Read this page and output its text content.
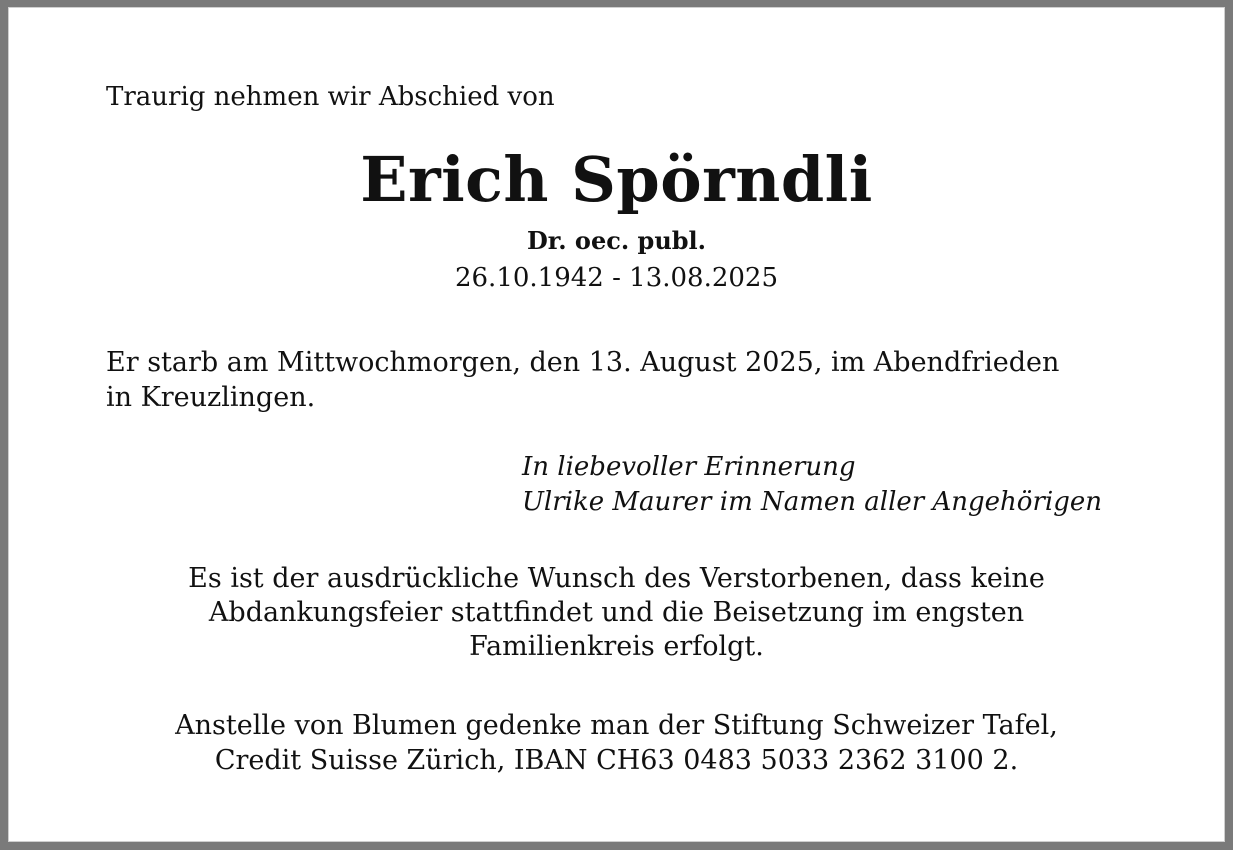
Traurig nehmen wir Abschied von

Erich Spörndli

Dr. oec. publ.

26.10.1942 - 13.08.2025

Er starb am Mittwochmorgen, den 13. August 2025, im Abendfrieden
in Kreuzlingen.
In liebevoller Erinnerung
Ulrike Maurer im Namen aller Angehörigen
Es ist der ausdrückliche Wunsch des Verstorbenen, dass keine
Abdankungsfeier stattfindet und die Beisetzung im engsten
Familienkreis erfolgt.
Anstelle von Blumen gedenke man der Stiftung Schweizer Tafel,
Credit Suisse Zürich, IBAN CH63 0483 5033 2362 3100 2.
